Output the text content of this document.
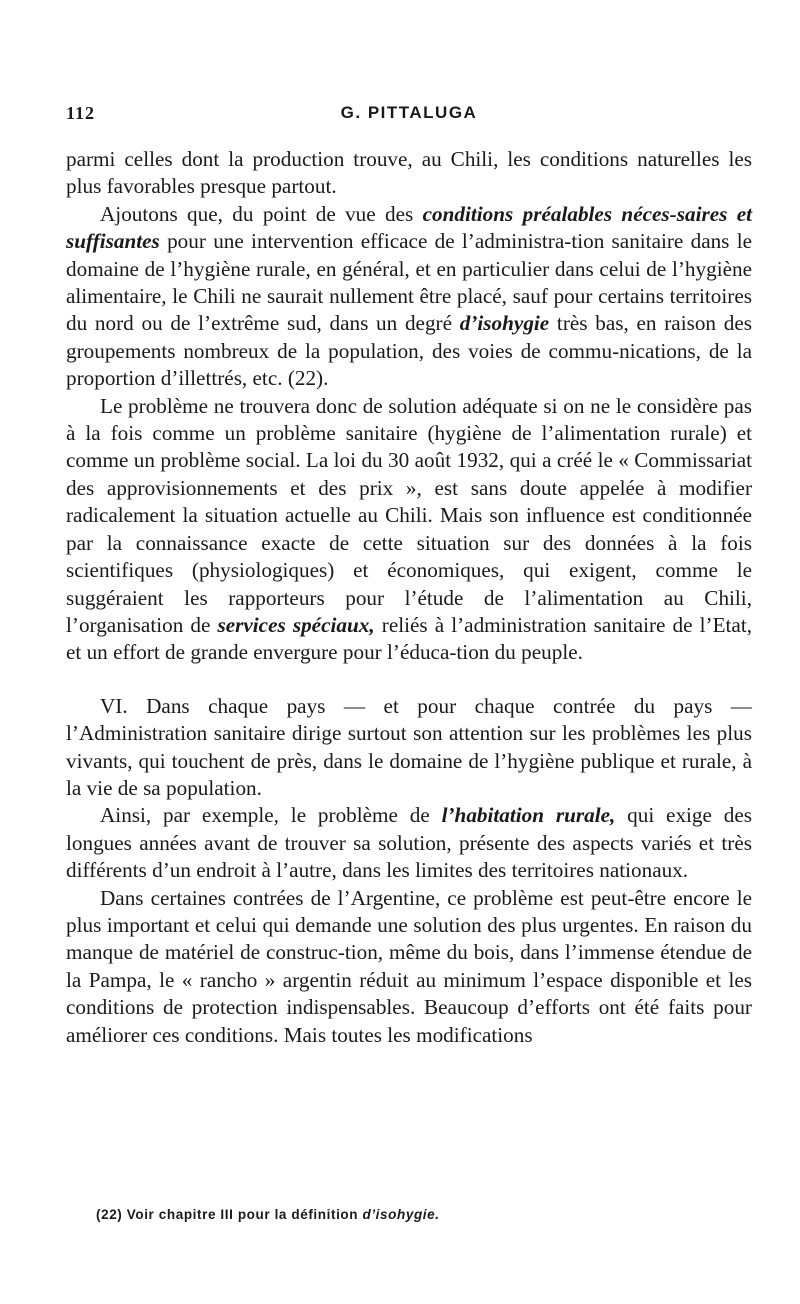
112	G. PITTALUGA

parmi celles dont la production trouve, au Chili, les conditions naturelles les plus favorables presque partout.

Ajoutons que, du point de vue des conditions préalables néces-saires et suffisantes pour une intervention efficace de l’administra-tion sanitaire dans le domaine de l’hygiène rurale, en général, et en particulier dans celui de l’hygiène alimentaire, le Chili ne saurait nullement être placé, sauf pour certains territoires du nord ou de l’extrême sud, dans un degré d’isohygie très bas, en raison des groupements nombreux de la population, des voies de commu-nications, de la proportion d’illettrés, etc. (22).

Le problème ne trouvera donc de solution adéquate si on ne le considère pas à la fois comme un problème sanitaire (hygiène de l’alimentation rurale) et comme un problème social. La loi du 30 août 1932, qui a créé le « Commissariat des approvisionnements et des prix », est sans doute appelée à modifier radicalement la situation actuelle au Chili. Mais son influence est conditionnée par la connaissance exacte de cette situation sur des données à la fois scientifiques (physiologiques) et économiques, qui exigent, comme le suggéraient les rapporteurs pour l’étude de l’alimentation au Chili, l’organisation de services spéciaux, reliés à l’administration sanitaire de l’Etat, et un effort de grande envergure pour l’éduca-tion du peuple.

VI. Dans chaque pays — et pour chaque contrée du pays — l’Administration sanitaire dirige surtout son attention sur les problèmes les plus vivants, qui touchent de près, dans le domaine de l’hygiène publique et rurale, à la vie de sa population.

Ainsi, par exemple, le problème de l’habitation rurale, qui exige des longues années avant de trouver sa solution, présente des aspects variés et très différents d’un endroit à l’autre, dans les limites des territoires nationaux.

Dans certaines contrées de l’Argentine, ce problème est peut-être encore le plus important et celui qui demande une solution des plus urgentes. En raison du manque de matériel de construc-tion, même du bois, dans l’immense étendue de la Pampa, le « rancho » argentin réduit au minimum l’espace disponible et les conditions de protection indispensables. Beaucoup d’efforts ont été faits pour améliorer ces conditions. Mais toutes les modifications

(22) Voir chapitre III pour la définition d’isohygie.
